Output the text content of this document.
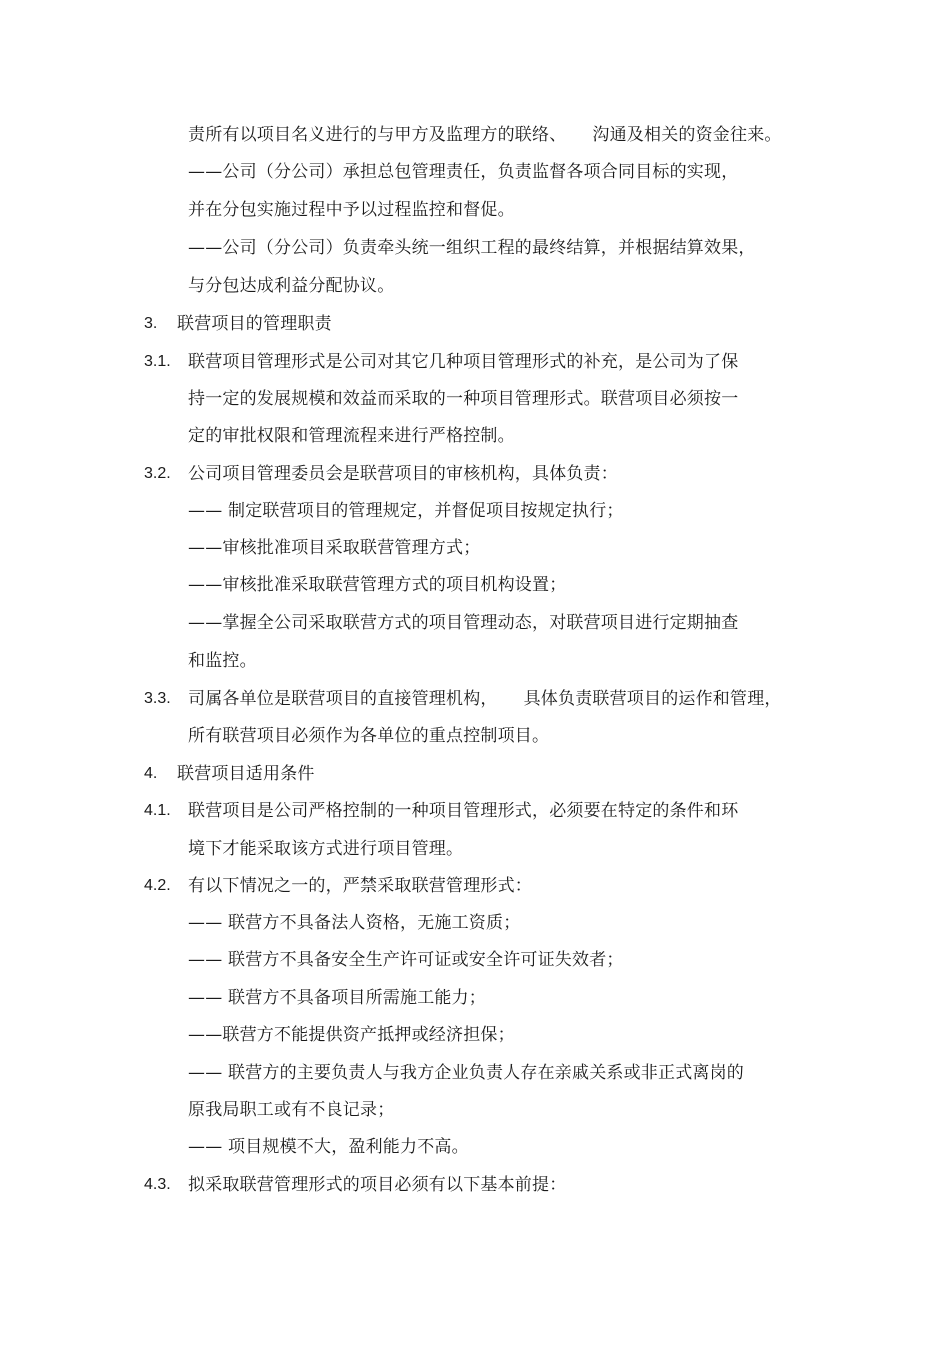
责所有以项目名义进行的与甲方及监理方的联络、 沟通及相关的资金往来。
——公司（分公司）承担总包管理责任，负责监督各项合同目标的实现，
并在分包实施过程中予以过程监控和督促。
——公司（分公司）负责牵头统一组织工程的最终结算，并根据结算效果，
与分包达成利益分配协议。
3. 联营项目的管理职责
3.1. 联营项目管理形式是公司对其它几种项目管理形式的补充，是公司为了保
持一定的发展规模和效益而采取的一种项目管理形式。联营项目必须按一
定的审批权限和管理流程来进行严格控制。
3.2. 公司项目管理委员会是联营项目的审核机构，具体负责：
—— 制定联营项目的管理规定，并督促项目按规定执行；
——审核批准项目采取联营管理方式；
——审核批准采取联营管理方式的项目机构设置；
——掌握全公司采取联营方式的项目管理动态，对联营项目进行定期抽查
和监控。
3.3. 司属各单位是联营项目的直接管理机构， 具体负责联营项目的运作和管理，
所有联营项目必须作为各单位的重点控制项目。
4. 联营项目适用条件
4.1. 联营项目是公司严格控制的一种项目管理形式，必须要在特定的条件和环
境下才能采取该方式进行项目管理。
4.2. 有以下情况之一的，严禁采取联营管理形式：
—— 联营方不具备法人资格，无施工资质；
—— 联营方不具备安全生产许可证或安全许可证失效者；
—— 联营方不具备项目所需施工能力；
——联营方不能提供资产抵押或经济担保；
—— 联营方的主要负责人与我方企业负责人存在亲戚关系或非正式离岗的
原我局职工或有不良记录；
—— 项目规模不大，盈利能力不高。
4.3. 拟采取联营管理形式的项目必须有以下基本前提：
